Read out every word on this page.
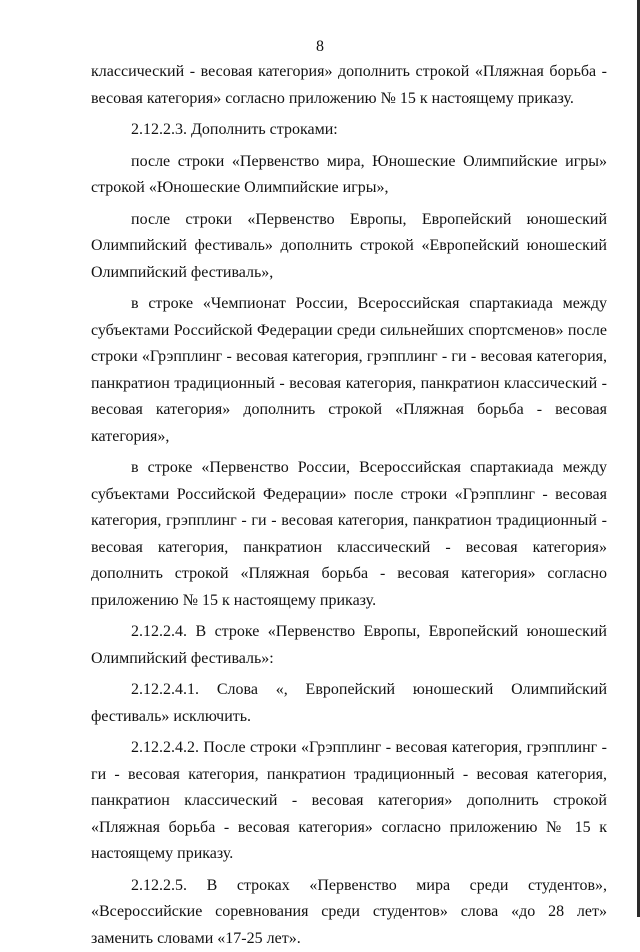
8

классический - весовая категория» дополнить строкой «Пляжная борьба - весовая категория» согласно приложению № 15 к настоящему приказу.

2.12.2.3. Дополнить строками:

после строки «Первенство мира, Юношеские Олимпийские игры» строкой «Юношеские Олимпийские игры»,

после строки «Первенство Европы, Европейский юношеский Олимпийский фестиваль» дополнить строкой «Европейский юношеский Олимпийский фестиваль»,

в строке «Чемпионат России, Всероссийская спартакиада между субъектами Российской Федерации среди сильнейших спортсменов» после строки «Грэпплинг - весовая категория, грэпплинг - ги - весовая категория, панкратион традиционный - весовая категория, панкратион классический - весовая категория» дополнить строкой «Пляжная борьба - весовая категория»,

в строке «Первенство России, Всероссийская спартакиада между субъектами Российской Федерации» после строки «Грэпплинг - весовая категория, грэпплинг - ги - весовая категория, панкратион традиционный - весовая категория, панкратион классический - весовая категория» дополнить строкой «Пляжная борьба - весовая категория» согласно приложению № 15 к настоящему приказу.

2.12.2.4. В строке «Первенство Европы, Европейский юношеский Олимпийский фестиваль»:

2.12.2.4.1. Слова «, Европейский юношеский Олимпийский фестиваль» исключить.

2.12.2.4.2. После строки «Грэпплинг - весовая категория, грэпплинг - ги - весовая категория, панкратион традиционный - весовая категория, панкратион классический - весовая категория» дополнить строкой «Пляжная борьба - весовая категория» согласно приложению № 15 к настоящему приказу.

2.12.2.5. В строках «Первенство мира среди студентов», «Всероссийские соревнования среди студентов» слова «до 28 лет» заменить словами «17-25 лет».
